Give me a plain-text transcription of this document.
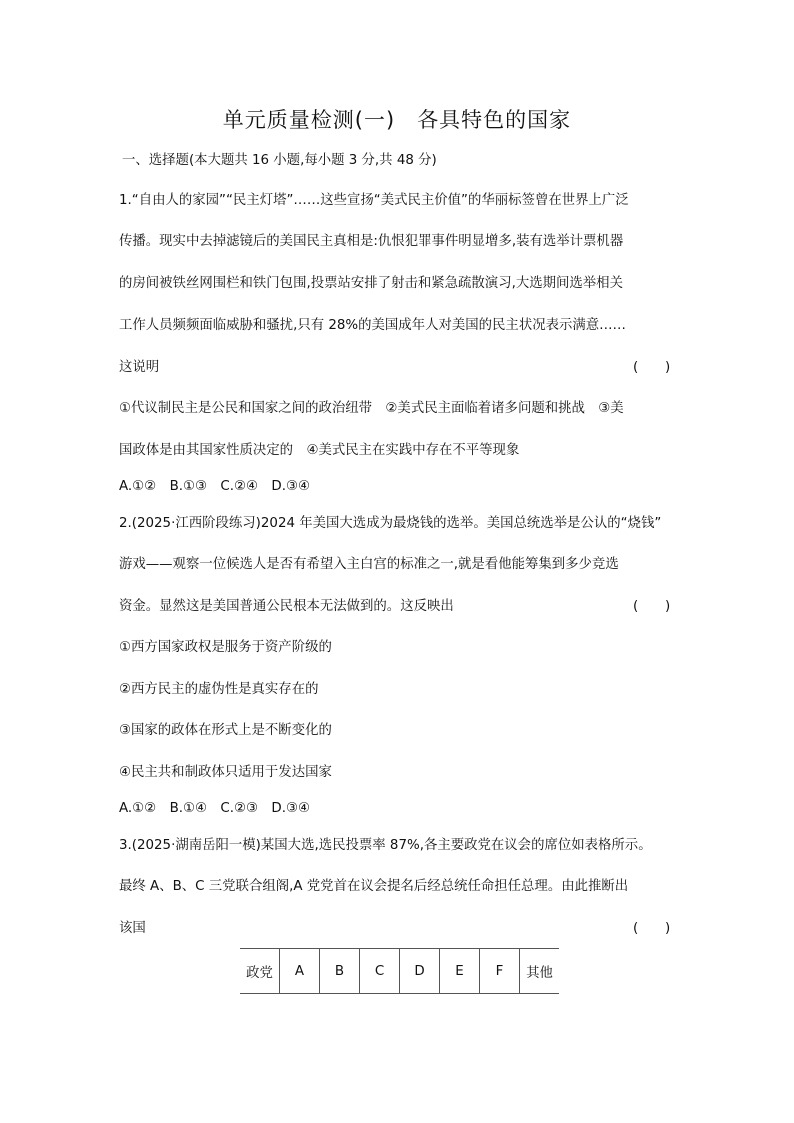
单元质量检测(一) 各具特色的国家
一、选择题(本大题共 16 小题,每小题 3 分,共 48 分)
1.“自由人的家园”“民主灯塔”……这些宣扬“美式民主价值”的华丽标签曾在世界上广泛
传播。现实中去掉滤镜后的美国民主真相是:仇恨犯罪事件明显增多,装有选举计票机器
的房间被铁丝网围栏和铁门包围,投票站安排了射击和紧急疏散演习,大选期间选举相关
工作人员频频面临威胁和骚扰,只有 28%的美国成年人对美国的民主状况表示满意……
这说明	(　　)
①代议制民主是公民和国家之间的政治纽带　②美式民主面临着诸多问题和挑战　③美
国政体是由其国家性质决定的　④美式民主在实践中存在不平等现象
A.①②　B.①③　C.②④　D.③④
2.(2025·江西阶段练习)2024 年美国大选成为最烧钱的选举。美国总统选举是公认的“烧钱”
游戏——观察一位候选人是否有希望入主白宫的标准之一,就是看他能筹集到多少竞选
资金。显然这是美国普通公民根本无法做到的。这反映出	(　　)
①西方国家政权是服务于资产阶级的
②西方民主的虚伪性是真实存在的
③国家的政体在形式上是不断变化的
④民主共和制政体只适用于发达国家
A.①②　B.①④　C.②③　D.③④
3.(2025·湖南岳阳一模)某国大选,选民投票率 87%,各主要政党在议会的席位如表格所示。
最终 A、B、C 三党联合组阁,A 党党首在议会提名后经总统任命担任总理。由此推断出
该国	(　　)
政党	A	B	C	D	E	F	其他
